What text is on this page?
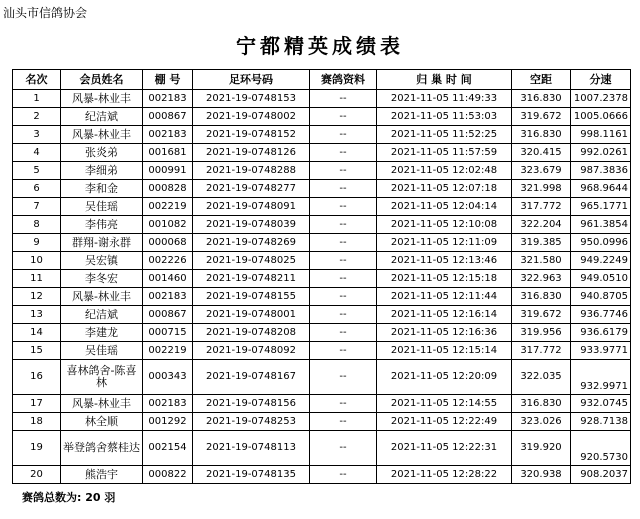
汕头市信鸽协会
宁都精英成绩表
名次	会员姓名	棚 号	足环号码	赛鸽资料	归 巢 时 间	空距	分速
1	风暴-林业丰	002183	2021-19-0748153	--	2021-11-05 11:49:33	316.830	1007.2378
2	纪洁斌	000867	2021-19-0748002	--	2021-11-05 11:53:03	319.672	1005.0666
3	风暴-林业丰	002183	2021-19-0748152	--	2021-11-05 11:52:25	316.830	998.1161
4	张炎弟	001681	2021-19-0748126	--	2021-11-05 11:57:59	320.415	992.0261
5	李细弟	000991	2021-19-0748288	--	2021-11-05 12:02:48	323.679	987.3836
6	李和金	000828	2021-19-0748277	--	2021-11-05 12:07:18	321.998	968.9644
7	吴佳瑶	002219	2021-19-0748091	--	2021-11-05 12:04:14	317.772	965.1771
8	李伟亮	001082	2021-19-0748039	--	2021-11-05 12:10:08	322.204	961.3854
9	群翔-谢永群	000068	2021-19-0748269	--	2021-11-05 12:11:09	319.385	950.0996
10	吴宏镇	002226	2021-19-0748025	--	2021-11-05 12:13:46	321.580	949.2249
11	李冬宏	001460	2021-19-0748211	--	2021-11-05 12:15:18	322.963	949.0510
12	风暴-林业丰	002183	2021-19-0748155	--	2021-11-05 12:11:44	316.830	940.8705
13	纪洁斌	000867	2021-19-0748001	--	2021-11-05 12:16:14	319.672	936.7746
14	李建龙	000715	2021-19-0748208	--	2021-11-05 12:16:36	319.956	936.6179
15	吴佳瑶	002219	2021-19-0748092	--	2021-11-05 12:15:14	317.772	933.9771
16	喜林鸽舍-陈喜林	000343	2021-19-0748167	--	2021-11-05 12:20:09	322.035	932.9971
17	风暴-林业丰	002183	2021-19-0748156	--	2021-11-05 12:14:55	316.830	932.0745
18	林全顺	001292	2021-19-0748253	--	2021-11-05 12:22:49	323.026	928.7138
19	举登鸽舍蔡桂达	002154	2021-19-0748113	--	2021-11-05 12:22:31	319.920	920.5730
20	熊浩宇	000822	2021-19-0748135	--	2021-11-05 12:28:22	320.938	908.2037
赛鸽总数为: 20 羽
